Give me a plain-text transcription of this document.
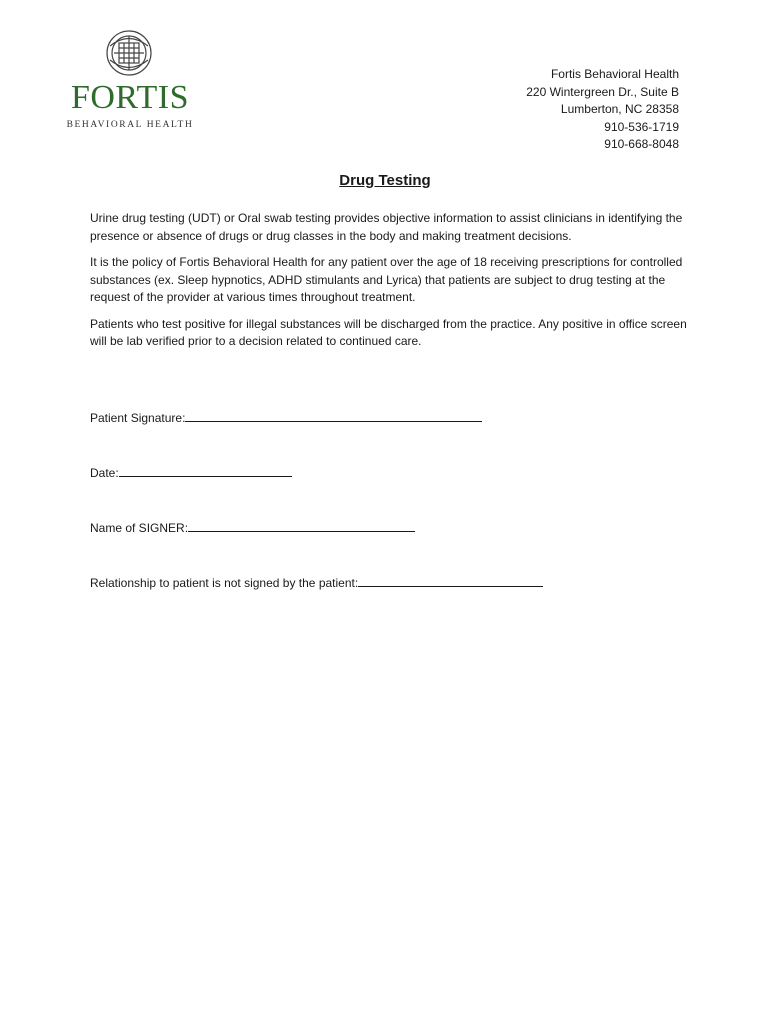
FORTIS
BEHAVIORAL HEALTH
Fortis Behavioral Health
220 Wintergreen Dr., Suite B
Lumberton, NC 28358
910-536-1719
910-668-8048
Drug Testing

Urine drug testing (UDT) or Oral swab testing provides objective information to assist clinicians in identifying the presence or absence of drugs or drug classes in the body and making treatment decisions.

It is the policy of Fortis Behavioral Health for any patient over the age of 18 receiving prescriptions for controlled substances (ex. Sleep hypnotics, ADHD stimulants and Lyrica) that patients are subject to drug testing at the request of the provider at various times throughout treatment.

Patients who test positive for illegal substances will be discharged from the practice. Any positive in office screen will be lab verified prior to a decision related to continued care.

Patient Signature:
Date:
Name of SIGNER:
Relationship to patient is not signed by the patient:
